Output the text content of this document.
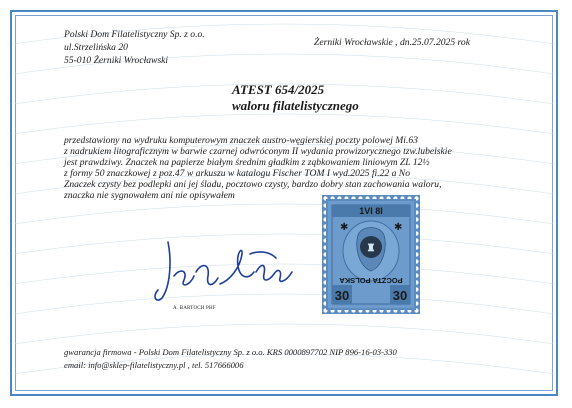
Polski Dom Filatelistyczny Sp. z o.o.
ul.Strzelińska 20
55-010 Żerniki Wrocławski
Żerniki Wrocławskie , dn.25.07.2025 rok
ATEST 654/2025
waloru filatelistycznego
przedstawiony na wydruku komputerowym znaczek austro-węgierskiej poczty polowej Mi.63
z nadrukiem litograficznym w barwie czarnej odwróconym II wydania prowizorycznego tzw.lubelskie
jest prawdziwy. Znaczek na papierze białym średnim gładkim z ząbkowaniem liniowym ZL 12½
z formy 50 znaczkowej z poz.47 w arkuszu w katalogu Fischer TOM I wyd.2025 fi.22 a No
Znaczek czysty bez podlepki ani jej śladu, pocztowo czysty, bardzo dobry stan zachowania waloru,
znaczka nie sygnowałem ani nie opisywałem
A. BARTOCH PHF
1VI 8I
♜
POCZTA POLSKA
30	30
✱	✱
gwarancja firmowa - Polski Dom Filatelistyczny Sp. z o.o. KRS 0000897702 NIP 896-16-03-330
email: info@sklep-filatelistyczny.pl , tel. 517666006
